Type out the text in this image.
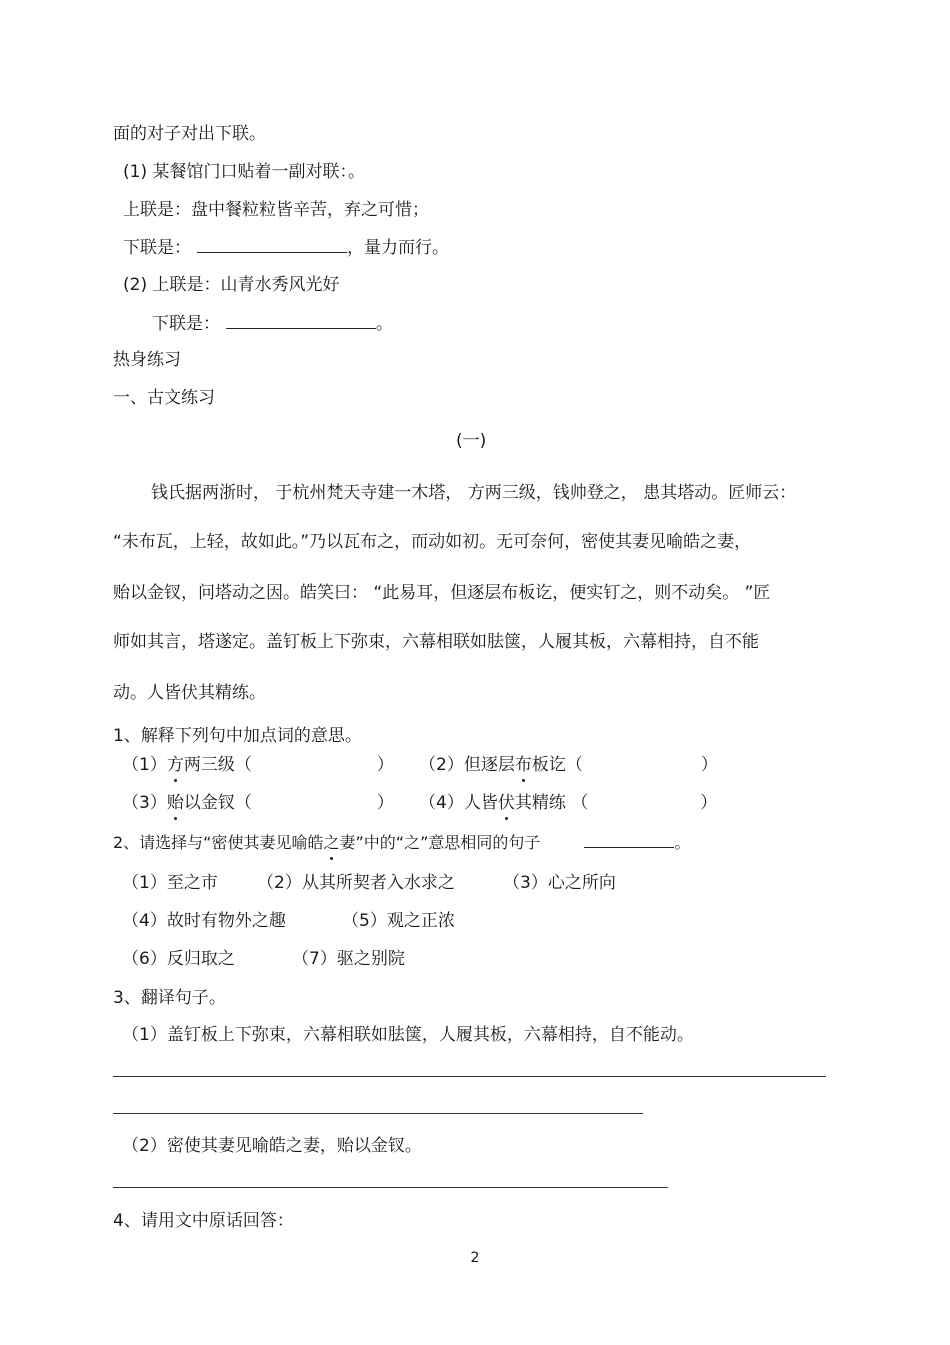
面的对子对出下联。
(1) 某餐馆门口贴着一副对联：。
上联是：盘中餐粒粒皆辛苦，弃之可惜；
下联是：	，量力而行。
(2) 上联是：山青水秀风光好
下联是：	。
热身练习
一、古文练习
(一)
钱氏据两浙时， 于杭州梵天寺建一木塔， 方两三级，钱帅登之， 患其塔动。匠师云：
“未布瓦，上轻，故如此。”乃以瓦布之，而动如初。无可奈何，密使其妻见喻皓之妻，
贻以金钗，问塔动之因。皓笑曰： “此易耳，但逐层布板讫，便实钉之，则不动矣。 ”匠
师如其言，塔遂定。盖钉板上下弥束，六幕相联如胠箧，人履其板，六幕相持，自不能
动。人皆伏其精练。
1、解释下列句中加点词的意思。
（1）方两三级（	） （2）但逐层布板讫（	）
（3）贻以金钗（	） （4）人皆伏其精练 （	）
2、请选择与“密使其妻见喻皓之妻”中的“之”意思相同的句子	。
（1）至之市 （2）从其所契者入水求之	（3）心之所向
（4）故时有物外之趣	（5）观之正浓
（6）反归取之	（7）驱之别院
3、翻译句子。
（1）盖钉板上下弥束，六幕相联如胠箧，人履其板，六幕相持，自不能动。
（2）密使其妻见喻皓之妻，贻以金钗。
4、请用文中原话回答：
2
